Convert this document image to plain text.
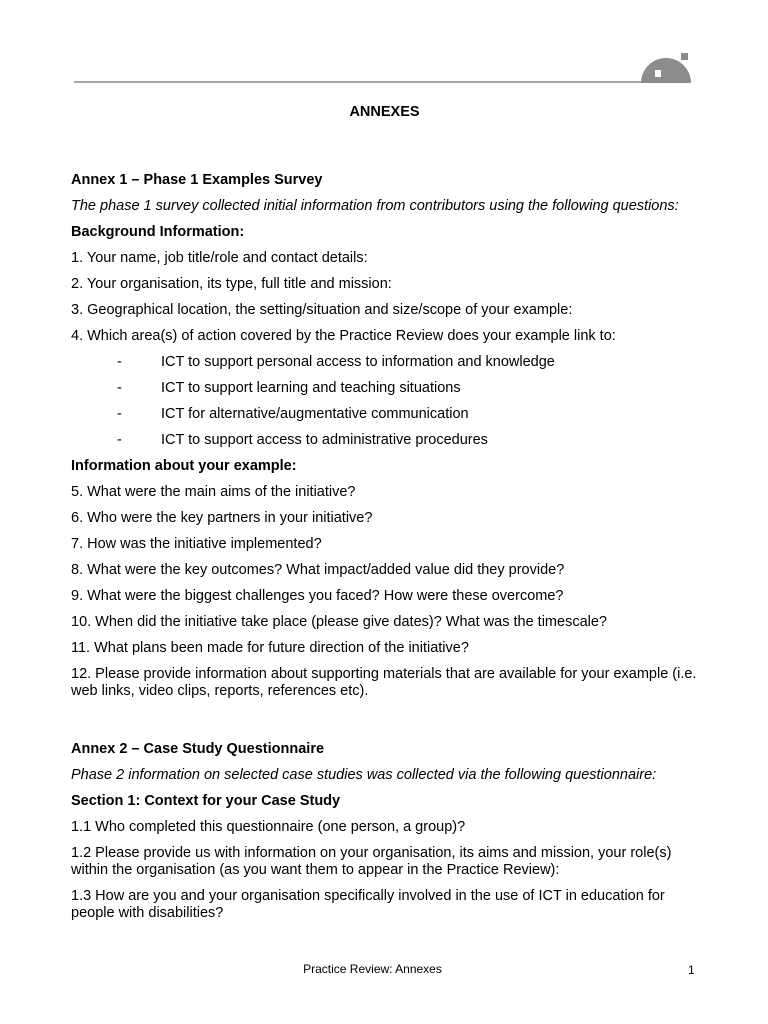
ANNEXES

Annex 1 – Phase 1 Examples Survey

The phase 1 survey collected initial information from contributors using the following questions:

Background Information:

1. Your name, job title/role and contact details:

2. Your organisation, its type, full title and mission:

3. Geographical location, the setting/situation and size/scope of your example:

4. Which area(s) of action covered by the Practice Review does your example link to:

-	ICT to support personal access to information and knowledge

-	ICT to support learning and teaching situations

-	ICT for alternative/augmentative communication

-	ICT to support access to administrative procedures

Information about your example:

5. What were the main aims of the initiative?

6. Who were the key partners in your initiative?

7. How was the initiative implemented?

8. What were the key outcomes? What impact/added value did they provide?

9. What were the biggest challenges you faced? How were these overcome?

10. When did the initiative take place (please give dates)? What was the timescale?

11. What plans been made for future direction of the initiative?

12. Please provide information about supporting materials that are available for your example (i.e. web links, video clips, reports, references etc).

Annex 2 – Case Study Questionnaire

Phase 2 information on selected case studies was collected via the following questionnaire:

Section 1: Context for your Case Study

1.1 Who completed this questionnaire (one person, a group)?

1.2 Please provide us with information on your organisation, its aims and mission, your role(s) within the organisation (as you want them to appear in the Practice Review):

1.3 How are you and your organisation specifically involved in the use of ICT in education for people with disabilities?

Practice Review: Annexes	1
